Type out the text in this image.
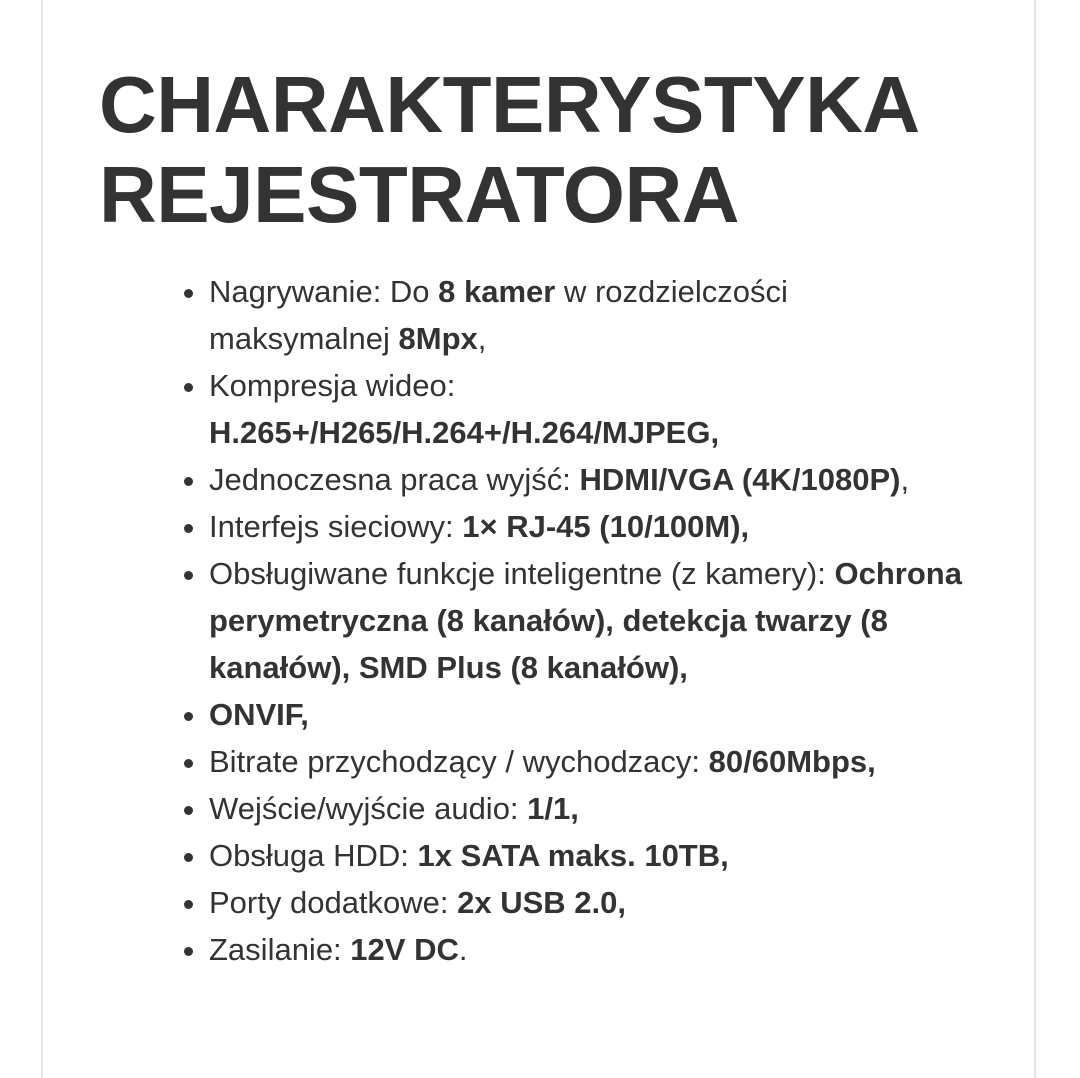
CHARAKTERYSTYKA
REJESTRATORA
• Nagrywanie: Do 8 kamer w rozdzielczości maksymalnej 8Mpx,
• Kompresja wideo: H.265+/H265/H.264+/H.264/MJPEG,
• Jednoczesna praca wyjść: HDMI/VGA (4K/1080P),
• Interfejs sieciowy: 1× RJ-45 (10/100M),
• Obsługiwane funkcje inteligentne (z kamery): Ochrona perymetryczna (8 kanałów), detekcja twarzy (8 kanałów), SMD Plus (8 kanałów),
• ONVIF,
• Bitrate przychodzący / wychodzacy: 80/60Mbps,
• Wejście/wyjście audio: 1/1,
• Obsługa HDD: 1x SATA maks. 10TB,
• Porty dodatkowe: 2x USB 2.0,
• Zasilanie: 12V DC.
